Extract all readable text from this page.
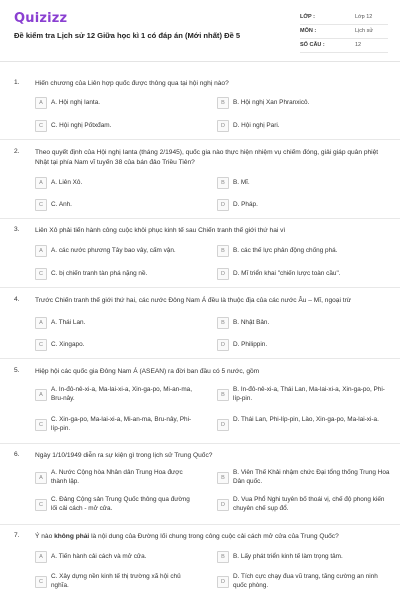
Quizizz
Đề kiểm tra Lịch sử 12 Giữa học kì 1 có đáp án (Mới nhất) Đề 5
LỚP :	Lớp 12
MÔN :	Lịch sử
SỐ CÂU :	12
1. Hiến chương của Liên hợp quốc được thông qua tại hội nghị nào?
A	A. Hội nghị Ianta.	B	B. Hội nghị Xan Phranxicô.
C	C. Hội nghị Pốtxđam.	D	D. Hội nghị Pari.
2. Theo quyết định của Hội nghị Ianta (tháng 2/1945), quốc gia nào thực hiện nhiệm vụ chiếm đóng, giải giáp quân phiệt Nhật tại phía Nam vĩ tuyến 38 của bán đảo Triều Tiên?
A	A. Liên Xô.	B	B. Mĩ.
C	C. Anh.	D	D. Pháp.
3. Liên Xô phải tiến hành công cuộc khôi phục kinh tế sau Chiến tranh thế giới thứ hai vì
A	A. các nước phương Tây bao vây, cấm vận.	B	B. các thế lực phản động chống phá.
C	C. bị chiến tranh tàn phá nặng nề.	D	D. Mĩ triển khai "chiến lược toàn cầu".
4. Trước Chiến tranh thế giới thứ hai, các nước Đông Nam Á đều là thuộc địa của các nước Âu – Mĩ, ngoại trừ
A	A. Thái Lan.	B	B. Nhật Bản.
C	C. Xingapo.	D	D. Philippin.
5. Hiệp hội các quốc gia Đông Nam Á (ASEAN) ra đời ban đầu có 5 nước, gồm
A
A. In-đô-nê-xi-a, Ma-lai-xi-a, Xin-ga-po, Mi-an-ma, Bru-nây.	B
B. In-đô-nê-xi-a, Thái Lan, Ma-lai-xi-a, Xin-ga-po, Phi-líp-pin.
C
C. Xin-ga-po, Ma-lai-xi-a, Mi-an-ma, Bru-nây, Phi-líp-pin.	D
D. Thái Lan, Phi-líp-pin, Lào, Xin-ga-po, Ma-lai-xi-a.
6. Ngày 1/10/1949 diễn ra sự kiện gì trong lịch sử Trung Quốc?
A
A. Nước Cộng hòa Nhân dân Trung Hoa được thành lập.	B
B. Viên Thế Khải nhậm chức Đại tổng thống Trung Hoa Dân quốc.
C
C. Đảng Cộng sản Trung Quốc thông qua đường lối cải cách - mở cửa.	D
D. Vua Phổ Nghi tuyên bố thoái vị, chế độ phong kiến chuyên chế sụp đổ.
7. Ý nào không phải là nội dung của Đường lối chung trong công cuộc cải cách mở cửa của Trung Quốc?
A	A. Tiến hành cải cách và mở cửa.	B	B. Lấy phát triển kinh tế làm trọng tâm.
C
C. Xây dựng nền kinh tế thị trường xã hội chủ nghĩa.	D
D. Tích cực chạy đua vũ trang, tăng cường an ninh quốc phòng.
